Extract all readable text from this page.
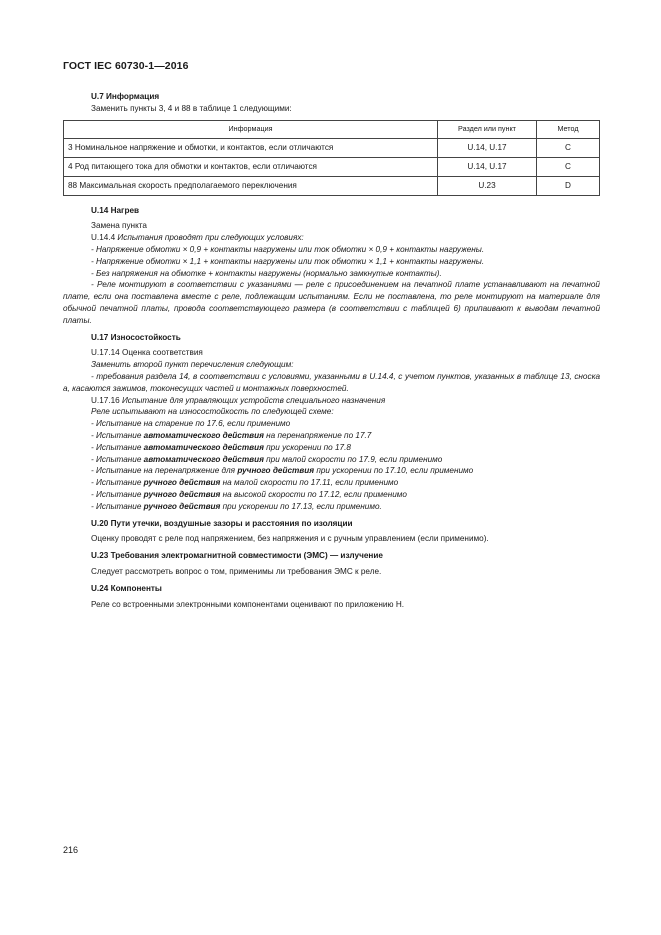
ГОСТ IEC 60730-1—2016

U.7 Информация

Заменить пункты 3, 4 и 88 в таблице 1 следующими:

Информация	Раздел или пункт	Метод
3 Номинальное напряжение и обмотки, и контактов, если отличаются	U.14, U.17	C
4 Род питающего тока для обмотки и контактов, если отличаются	U.14, U.17	C
88 Максимальная скорость предполагаемого переключения	U.23	D

U.14 Нагрев

Замена пункта

U.14.4 Испытания проводят при следующих условиях:

- Напряжение обмотки × 0,9 + контакты нагружены или ток обмотки × 0,9 + контакты нагружены.

- Напряжение обмотки × 1,1 + контакты нагружены или ток обмотки × 1,1 + контакты нагружены.

- Без напряжения на обмотке + контакты нагружены (нормально замкнутые контакты).

- Реле монтируют в соответствии с указаниями — реле с присоединением на печатной плате устанавливают на печатной плате, если она поставлена вместе с реле, подлежащим испытаниям. Если не поставлена, то реле монтируют на материале для обычной печатной платы, провода соответствующего размера (в соответствии с таблицей 6) припаивают к выводам печатной платы.

U.17 Износостойкость

U.17.14 Оценка соответствия

Заменить второй пункт перечисления следующим:

- требования раздела 14, в соответствии с условиями, указанными в U.14.4, с учетом пунктов, указанных в таблице 13, сноска a, касаются зажимов, токонесущих частей и монтажных поверхностей.

U.17.16 Испытание для управляющих устройств специального назначения

Реле испытывают на износостойкость по следующей схеме:

- Испытание на старение по 17.6, если применимо

- Испытание автоматического действия на перенапряжение по 17.7

- Испытание автоматического действия при ускорении по 17.8

- Испытание автоматического действия при малой скорости по 17.9, если применимо

- Испытание на перенапряжение для ручного действия при ускорении по 17.10, если применимо

- Испытание ручного действия на малой скорости по 17.11, если применимо

- Испытание ручного действия на высокой скорости по 17.12, если применимо

- Испытание ручного действия при ускорении по 17.13, если применимо.

U.20 Пути утечки, воздушные зазоры и расстояния по изоляции

Оценку проводят с реле под напряжением, без напряжения и с ручным управлением (если применимо).

U.23 Требования электромагнитной совместимости (ЭМС) — излучение

Следует рассмотреть вопрос о том, применимы ли требования ЭМС к реле.

U.24 Компоненты

Реле со встроенными электронными компонентами оценивают по приложению H.

216
